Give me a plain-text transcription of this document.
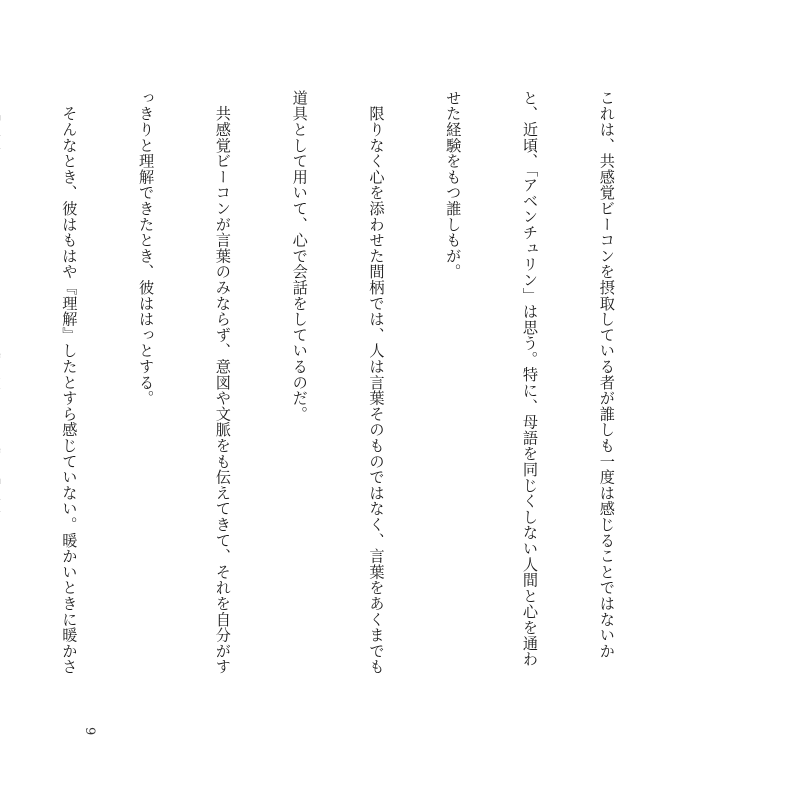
これは、共感覚ビーコンを摂取している者が誰しも一度は感じることではないか

と、近頃、「アベンチュリン」は思う。特に、母語を同じくしない人間と心を通わ

せた経験をもつ誰しもが。

　限りなく心を添わせた間柄では、人は言葉そのものではなく、言葉をあくまでも

道具として用いて、心で会話をしているのだ。

　共感覚ビーコンが言葉のみならず、意図や文脈をも伝えてきて、それを自分がす

っきりと理解できたとき、彼ははっとする。

　そんなとき、彼はもはや『理解』したとすら感じていない。暖かいときに暖かさ

9
